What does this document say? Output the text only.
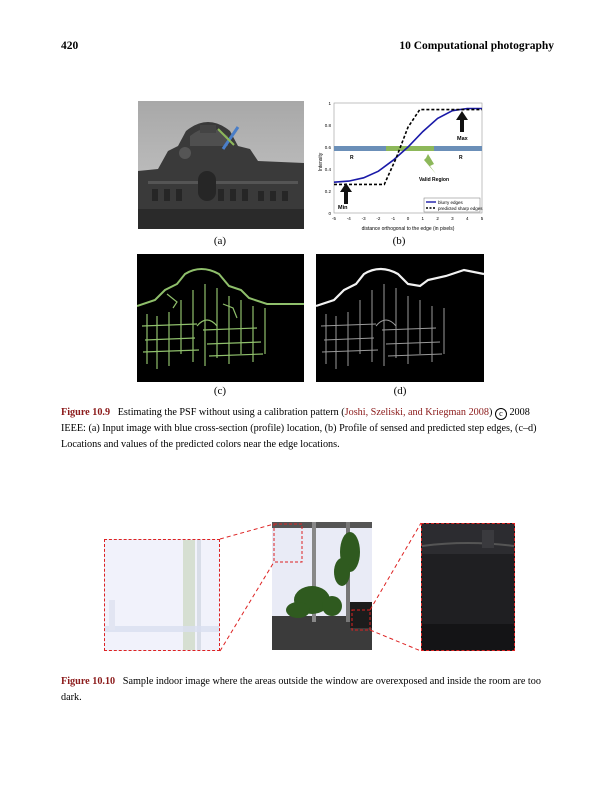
420	10 Computational photography
(a)
1
0.8
0.6
0.4
0.2
0
-5 -4 -3 -2 -1	0	1	2	3	4	5
Max
Min
Valid Region
R	R
blurry edges
predicted sharp edges
Intensity
distance orthogonal to the edge (in pixels)
(b)
(c)	(d)
Figure 10.9 Estimating the PSF without using a calibration pattern (Joshi, Szeliski, and Kriegman 2008) c 2008 IEEE: (a) Input image with blue cross-section (profile) location, (b) Profile of sensed and predicted step edges, (c–d) Locations and values of the predicted colors near the edge locations.
Figure 10.10 Sample indoor image where the areas outside the window are overexposed and inside the room are too dark.
